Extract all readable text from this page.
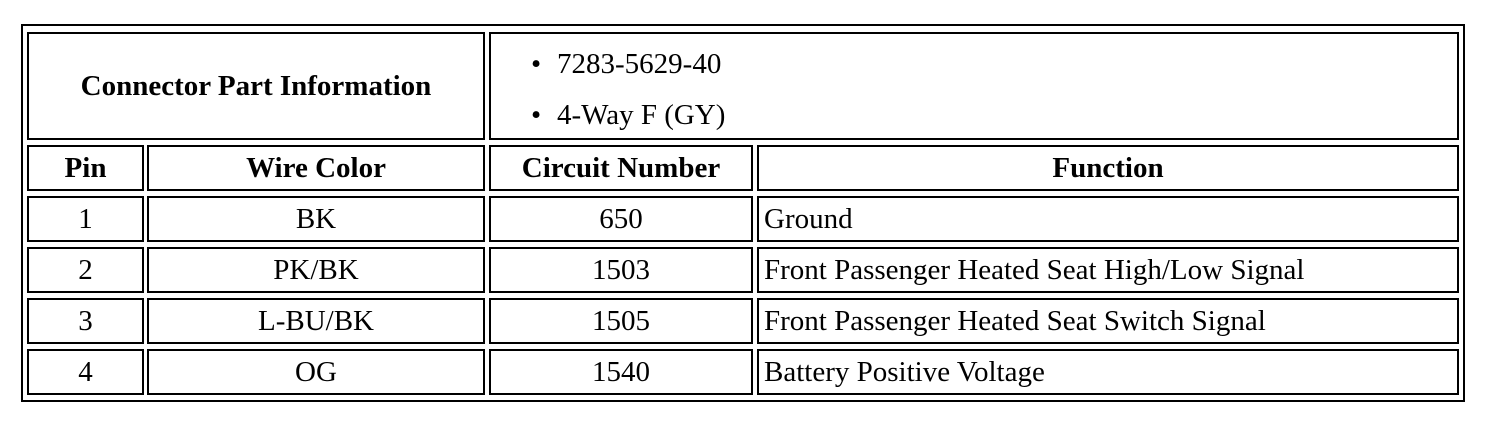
Connector Part Information
• 7283-5629-40
• 4-Way F (GY)
Pin	Wire Color	Circuit Number	Function
1	BK	650	Ground
2	PK/BK	1503	Front Passenger Heated Seat High/Low Signal
3	L-BU/BK	1505	Front Passenger Heated Seat Switch Signal
4	OG	1540	Battery Positive Voltage
